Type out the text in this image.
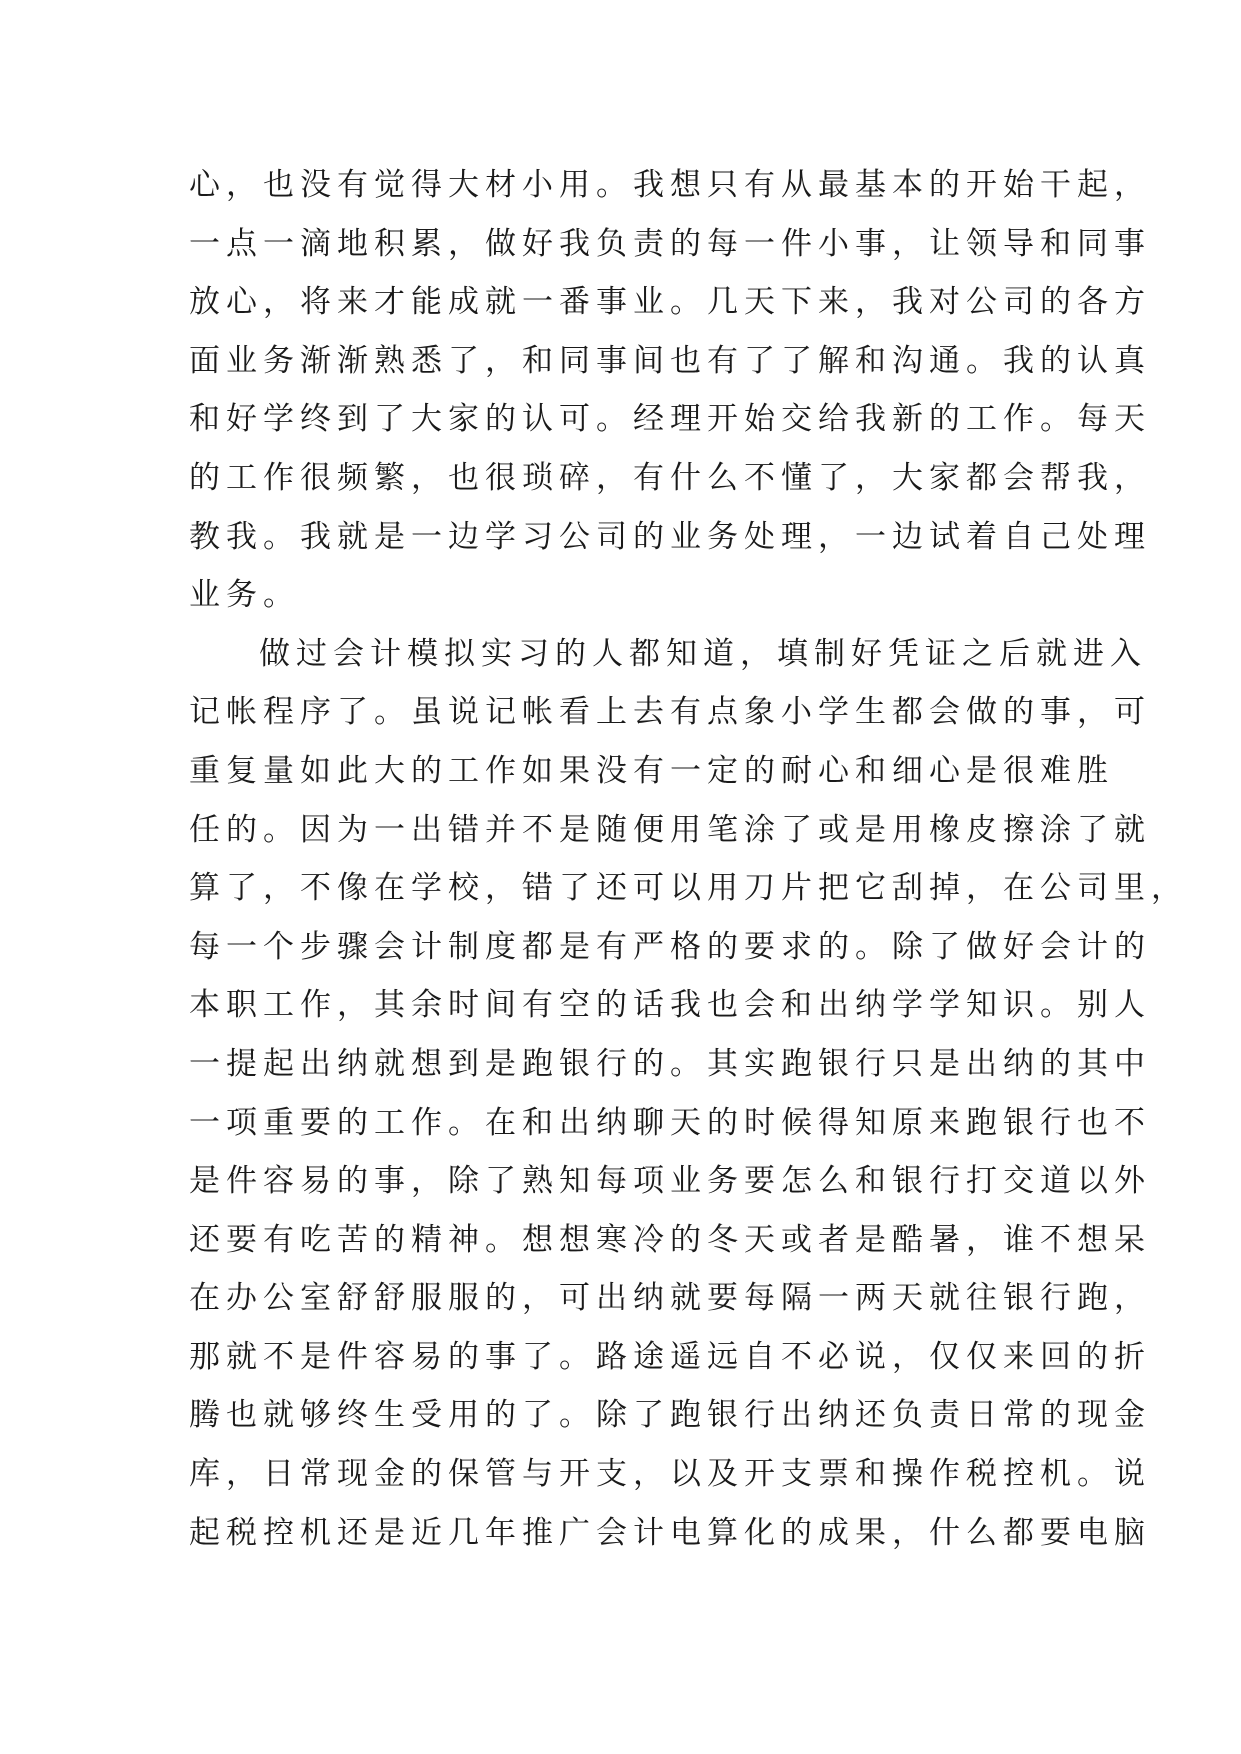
心，也没有觉得大材小用。我想只有从最基本的开始干起，
一点一滴地积累，做好我负责的每一件小事，让领导和同事
放心，将来才能成就一番事业。几天下来，我对公司的各方
面业务渐渐熟悉了，和同事间也有了了解和沟通。我的认真
和好学终到了大家的认可。经理开始交给我新的工作。每天
的工作很频繁，也很琐碎，有什么不懂了，大家都会帮我，
教我。我就是一边学习公司的业务处理，一边试着自己处理
业务。
做过会计模拟实习的人都知道，填制好凭证之后就进入
记帐程序了。虽说记帐看上去有点象小学生都会做的事，可
重复量如此大的工作如果没有一定的耐心和细心是很难胜
任的。因为一出错并不是随便用笔涂了或是用橡皮擦涂了就
算了，不像在学校，错了还可以用刀片把它刮掉，在公司里，
每一个步骤会计制度都是有严格的要求的。除了做好会计的
本职工作，其余时间有空的话我也会和出纳学学知识。别人
一提起出纳就想到是跑银行的。其实跑银行只是出纳的其中
一项重要的工作。在和出纳聊天的时候得知原来跑银行也不
是件容易的事，除了熟知每项业务要怎么和银行打交道以外
还要有吃苦的精神。想想寒冷的冬天或者是酷暑，谁不想呆
在办公室舒舒服服的，可出纳就要每隔一两天就往银行跑，
那就不是件容易的事了。路途遥远自不必说，仅仅来回的折
腾也就够终生受用的了。除了跑银行出纳还负责日常的现金
库，日常现金的保管与开支，以及开支票和操作税控机。说
起税控机还是近几年推广会计电算化的成果，什么都要电脑
